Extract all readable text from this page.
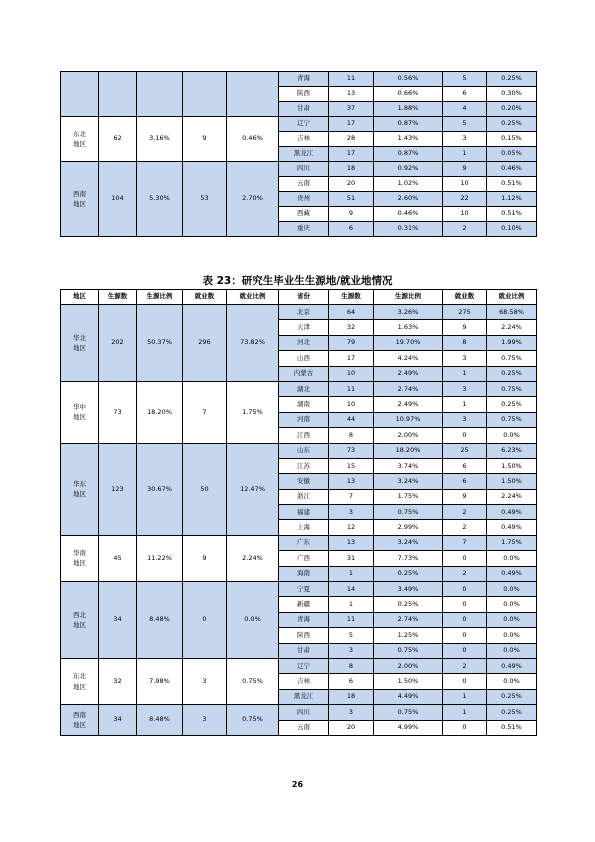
					青海	11	0.56%	5	0.25%
					陕西	13	0.66%	6	0.30%
					甘肃	37	1.88%	4	0.20%
东北
地区	62	3.16%	9	0.46%	辽宁	17	0.87%	5	0.25%
					吉林	28	1.43%	3	0.15%
					黑龙江	17	0.87%	1	0.05%
西南
地区	104	5.30%	53	2.70%	四川	18	0.92%	9	0.46%
					云南	20	1.02%	10	0.51%
					贵州	51	2.60%	22	1.12%
					西藏	9	0.46%	10	0.51%
					重庆	6	0.31%	2	0.10%
表 23：研究生毕业生生源地/就业地情况
地区	生源数	生源比例	就业数	就业比例	省份	生源数	生源比例	就业数	就业比例
华北
地区	202	50.37%	296	73.82%	北京	64	3.26%	275	68.58%
					天津	32	1.63%	9	2.24%
					河北	79	19.70%	8	1.99%
					山西	17	4.24%	3	0.75%
					内蒙古	10	2.49%	1	0.25%
华中
地区	73	18.20%	7	1.75%	湖北	11	2.74%	3	0.75%
					湖南	10	2.49%	1	0.25%
					河南	44	10.97%	3	0.75%
					江西	8	2.00%	0	0.0%
华东
地区	123	30.67%	50	12.47%	山东	73	18.20%	25	6.23%
					江苏	15	3.74%	6	1.50%
					安徽	13	3.24%	6	1.50%
					浙江	7	1.75%	9	2.24%
					福建	3	0.75%	2	0.49%
					上海	12	2.99%	2	0.49%
华南
地区	45	11.22%	9	2.24%	广东	13	3.24%	7	1.75%
					广西	31	7.73%	0	0.0%
					海南	1	0.25%	2	0.49%
西北
地区	34	8.48%	0	0.0%	宁夏	14	3.49%	0	0.0%
					新疆	1	0.25%	0	0.0%
					青海	11	2.74%	0	0.0%
					陕西	5	1.25%	0	0.0%
					甘肃	3	0.75%	0	0.0%
东北
地区	32	7.98%	3	0.75%	辽宁	8	2.00%	2	0.49%
					吉林	6	1.50%	0	0.0%
					黑龙江	18	4.49%	1	0.25%
西南
地区	34	8.48%	3	0.75%	四川	3	0.75%	1	0.25%
					云南	20	4.99%	0	0.51%
26
